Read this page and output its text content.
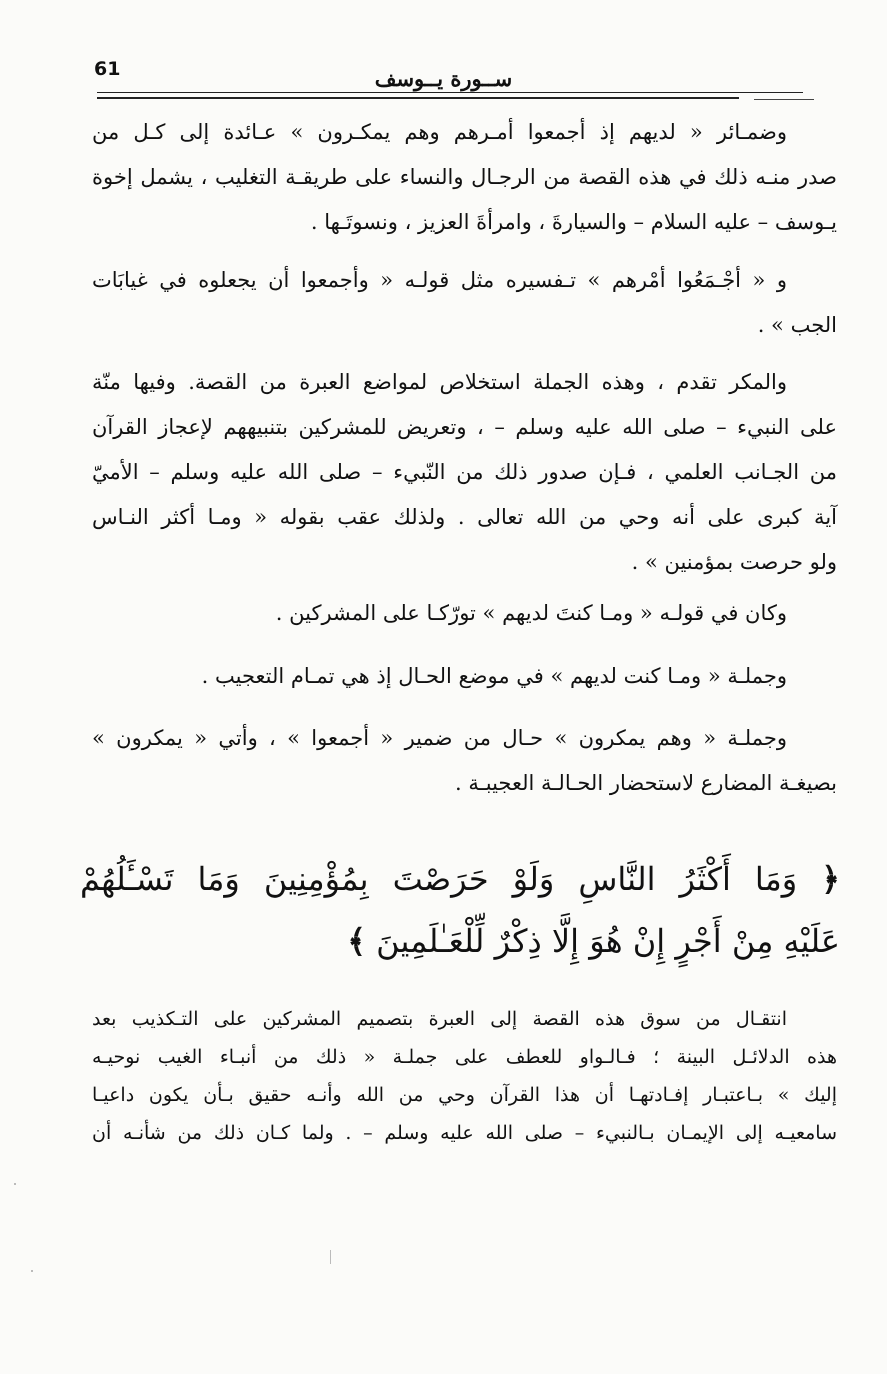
61	ســورة يــوسف
وضمـائر « لديهم إذ أجمعوا أمـرهم وهم يمكـرون » عـائدة إلى كـل من
صدر منـه ذلك في هذه القصة من الرجـال والنساء على طريقـة التغليب ، يشمل إخوة
يـوسف – عليه السلام – والسيارةَ ، وامرأةَ العزيز ، ونسوتَـها .
و « أجْـمَعُوا أمْرهم » تـفسيره مثل قولـه « وأجمعوا أن يجعلوه في غيابَات
الجب » .
والمكر تقدم ، وهذه الجملة استخلاص لمواضع العبرة من القصة. وفيها منّة
على النبيء – صلى الله عليه وسلم – ، وتعريض للمشركين بتنبيههم لإعجاز القرآن
من الجـانب العلمي ، فـإن صدور ذلك من النّبيء – صلى الله عليه وسلم – الأميّ
آية كبرى على أنه وحي من الله تعالى . ولذلك عقب بقوله « ومـا أكثر النـاس
ولو حرصت بمؤمنين » .
وكان في قولـه « ومـا كنتَ لديهم » تورّكـا على المشركين .
وجملـة « ومـا كنت لديهم » في موضع الحـال إذ هي تمـام التعجيب .
وجملـة « وهم يمكرون » حـال من ضمير « أجمعوا » ، وأتي « يمكرون »
بصيغـة المضارع لاستحضار الحـالـة العجيبـة .
﴿ وَمَا أَكْثَرُ النَّاسِ وَلَوْ حَرَصْتَ بِمُؤْمِنِينَ وَمَا تَسْـَٔلُهُمْ
عَلَيْهِ مِنْ أَجْرٍ إِنْ هُوَ إِلَّا ذِكْرٌ لِّلْعَـٰلَمِينَ ﴾
انتقـال من سوق هذه القصة إلى العبرة بتصميم المشركين على التـكذيب بعد
هذه الدلائـل البينة ؛ فـالـواو للعطف على جملـة « ذلك من أنبـاء الغيب نوحيـه
إليك » بـاعتبـار إفـادتهـا أن هذا القرآن وحي من الله وأنـه حقيق بـأن يكون داعيـا
سامعيـه إلى الإيمـان بـالنبيء – صلى الله عليه وسلم – . ولما كـان ذلك من شأنـه أن
